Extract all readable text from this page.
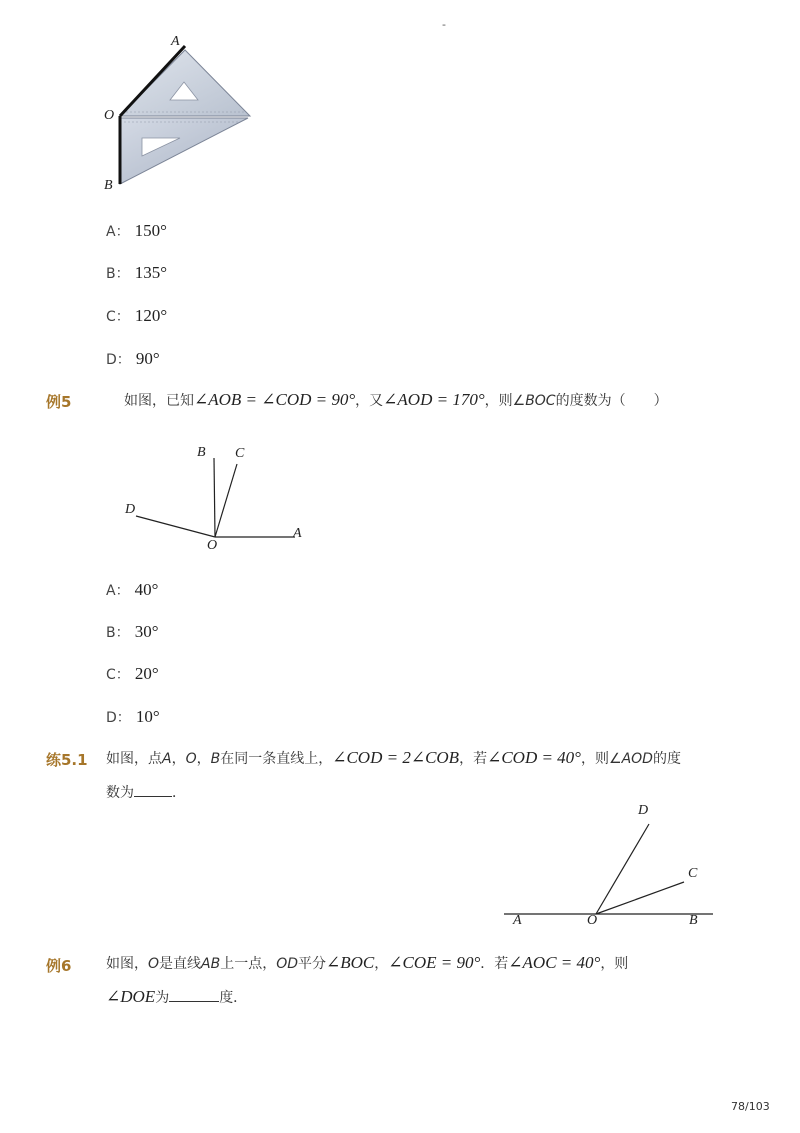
-
A
O
B
A： 150°
B： 135°
C： 120°
D： 90°
例5	如图，已知∠AOB = ∠COD = 90°，又∠AOD = 170°，则∠BOC的度数为（　　）
B C
D
O
A
A： 40°
B： 30°
C： 20°
D： 10°
练5.1 如图，点A，O，B在同一条直线上，∠COD = 2∠COB，若∠COD = 40°，则∠AOD的度
数为	．
D
C
A	O	B
例6 如图，O是直线AB上一点，OD平分∠BOC，∠COE = 90°．若∠AOC = 40°，则
∠DOE为	度．
78/103
